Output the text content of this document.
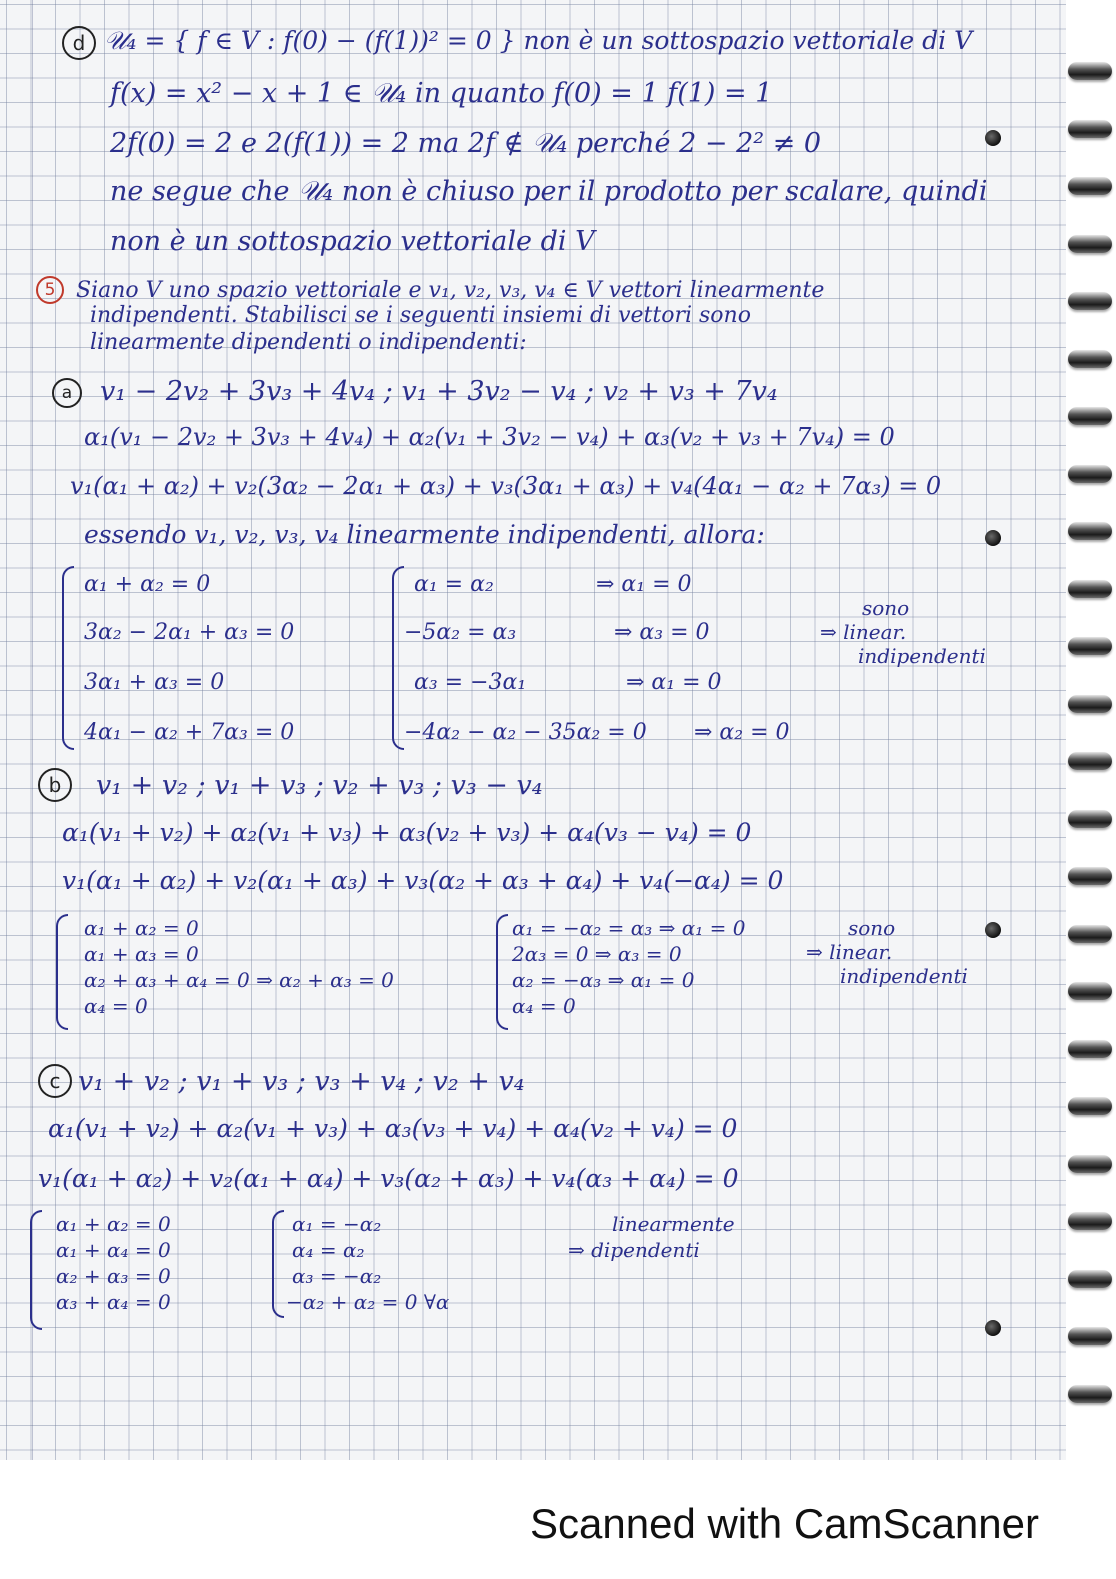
d 𝒰₄ = { f ∈ V : f(0) − (f(1))² = 0 } non è un sottospazio vettoriale di V
f(x) = x² − x + 1 ∈ 𝒰₄ in quanto f(0) = 1 f(1) = 1
2f(0) = 2 e 2(f(1)) = 2 ma 2f ∉ 𝒰₄ perché 2 − 2² ≠ 0
ne segue che 𝒰₄ non è chiuso per il prodotto per scalare, quindi
non è un sottospazio vettoriale di V
5 Siano V uno spazio vettoriale e v₁, v₂, v₃, v₄ ∈ V vettori linearmente
indipendenti. Stabilisci se i seguenti insiemi di vettori sono
linearmente dipendenti o indipendenti:
a	v₁ − 2v₂ + 3v₃ + 4v₄ ; v₁ + 3v₂ − v₄ ; v₂ + v₃ + 7v₄
α₁(v₁ − 2v₂ + 3v₃ + 4v₄) + α₂(v₁ + 3v₂ − v₄) + α₃(v₂ + v₃ + 7v₄) = 0
v₁(α₁ + α₂) + v₂(3α₂ − 2α₁ + α₃) + v₃(3α₁ + α₃) + v₄(4α₁ − α₂ + 7α₃) = 0
essendo v₁, v₂, v₃, v₄ linearmente indipendenti, allora:
α₁ + α₂ = 0
3α₂ − 2α₁ + α₃ = 0
3α₁ + α₃ = 0
4α₁ − α₂ + 7α₃ = 0
α₁ = α₂
−5α₂ = α₃
α₃ = −3α₁
−4α₂ − α₂ − 35α₂ = 0
⇒ α₁ = 0
⇒ α₃ = 0
⇒ α₁ = 0
⇒ α₂ = 0
sono
⇒ linear.
indipendenti
b	v₁ + v₂ ; v₁ + v₃ ; v₂ + v₃ ; v₃ − v₄
α₁(v₁ + v₂) + α₂(v₁ + v₃) + α₃(v₂ + v₃) + α₄(v₃ − v₄) = 0
v₁(α₁ + α₂) + v₂(α₁ + α₃) + v₃(α₂ + α₃ + α₄) + v₄(−α₄) = 0
α₁ + α₂ = 0
α₁ + α₃ = 0
α₂ + α₃ + α₄ = 0 ⇒ α₂ + α₃ = 0
α₄ = 0
α₁ = −α₂ = α₃ ⇒ α₁ = 0
2α₃ = 0 ⇒ α₃ = 0
α₂ = −α₃ ⇒ α₁ = 0
α₄ = 0
sono
⇒ linear.
indipendenti
c v₁ + v₂ ; v₁ + v₃ ; v₃ + v₄ ; v₂ + v₄
α₁(v₁ + v₂) + α₂(v₁ + v₃) + α₃(v₃ + v₄) + α₄(v₂ + v₄) = 0
v₁(α₁ + α₂) + v₂(α₁ + α₄) + v₃(α₂ + α₃) + v₄(α₃ + α₄) = 0
α₁ + α₂ = 0
α₁ + α₄ = 0
α₂ + α₃ = 0
α₃ + α₄ = 0
α₁ = −α₂
α₄ = α₂
α₃ = −α₂
−α₂ + α₂ = 0 ∀α
linearmente
⇒ dipendenti
Scanned with CamScanner
